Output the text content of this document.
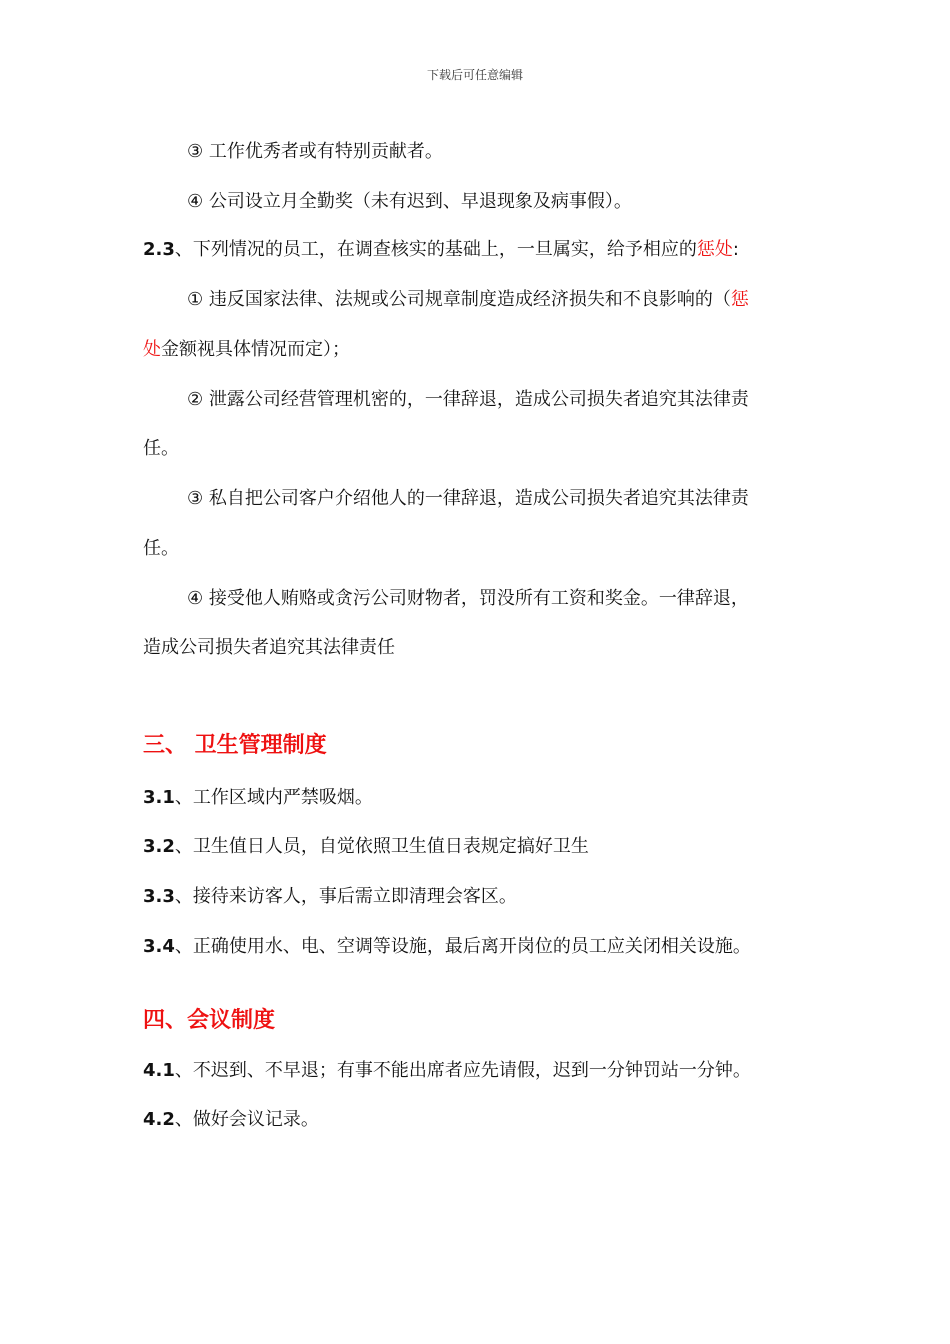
下载后可任意编辑
③ 工作优秀者或有特别贡献者。
④ 公司设立月全勤奖（未有迟到、早退现象及病事假）。
2.3、下列情况的员工，在调查核实的基础上，一旦属实，给予相应的惩处:
① 违反国家法律、法规或公司规章制度造成经济损失和不良影响的（惩
处金额视具体情况而定）；
② 泄露公司经营管理机密的，一律辞退，造成公司损失者追究其法律责
任。
③ 私自把公司客户介绍他人的一律辞退，造成公司损失者追究其法律责
任。
④ 接受他人贿赂或贪污公司财物者，罚没所有工资和奖金。一律辞退，
造成公司损失者追究其法律责任
三、 卫生管理制度
3.1、工作区域内严禁吸烟。
3.2、卫生值日人员，自觉依照卫生值日表规定搞好卫生
3.3、接待来访客人，事后需立即清理会客区。
3.4、正确使用水、电、空调等设施，最后离开岗位的员工应关闭相关设施。
四、会议制度
4.1、不迟到、不早退；有事不能出席者应先请假，迟到一分钟罚站一分钟。
4.2、做好会议记录。
